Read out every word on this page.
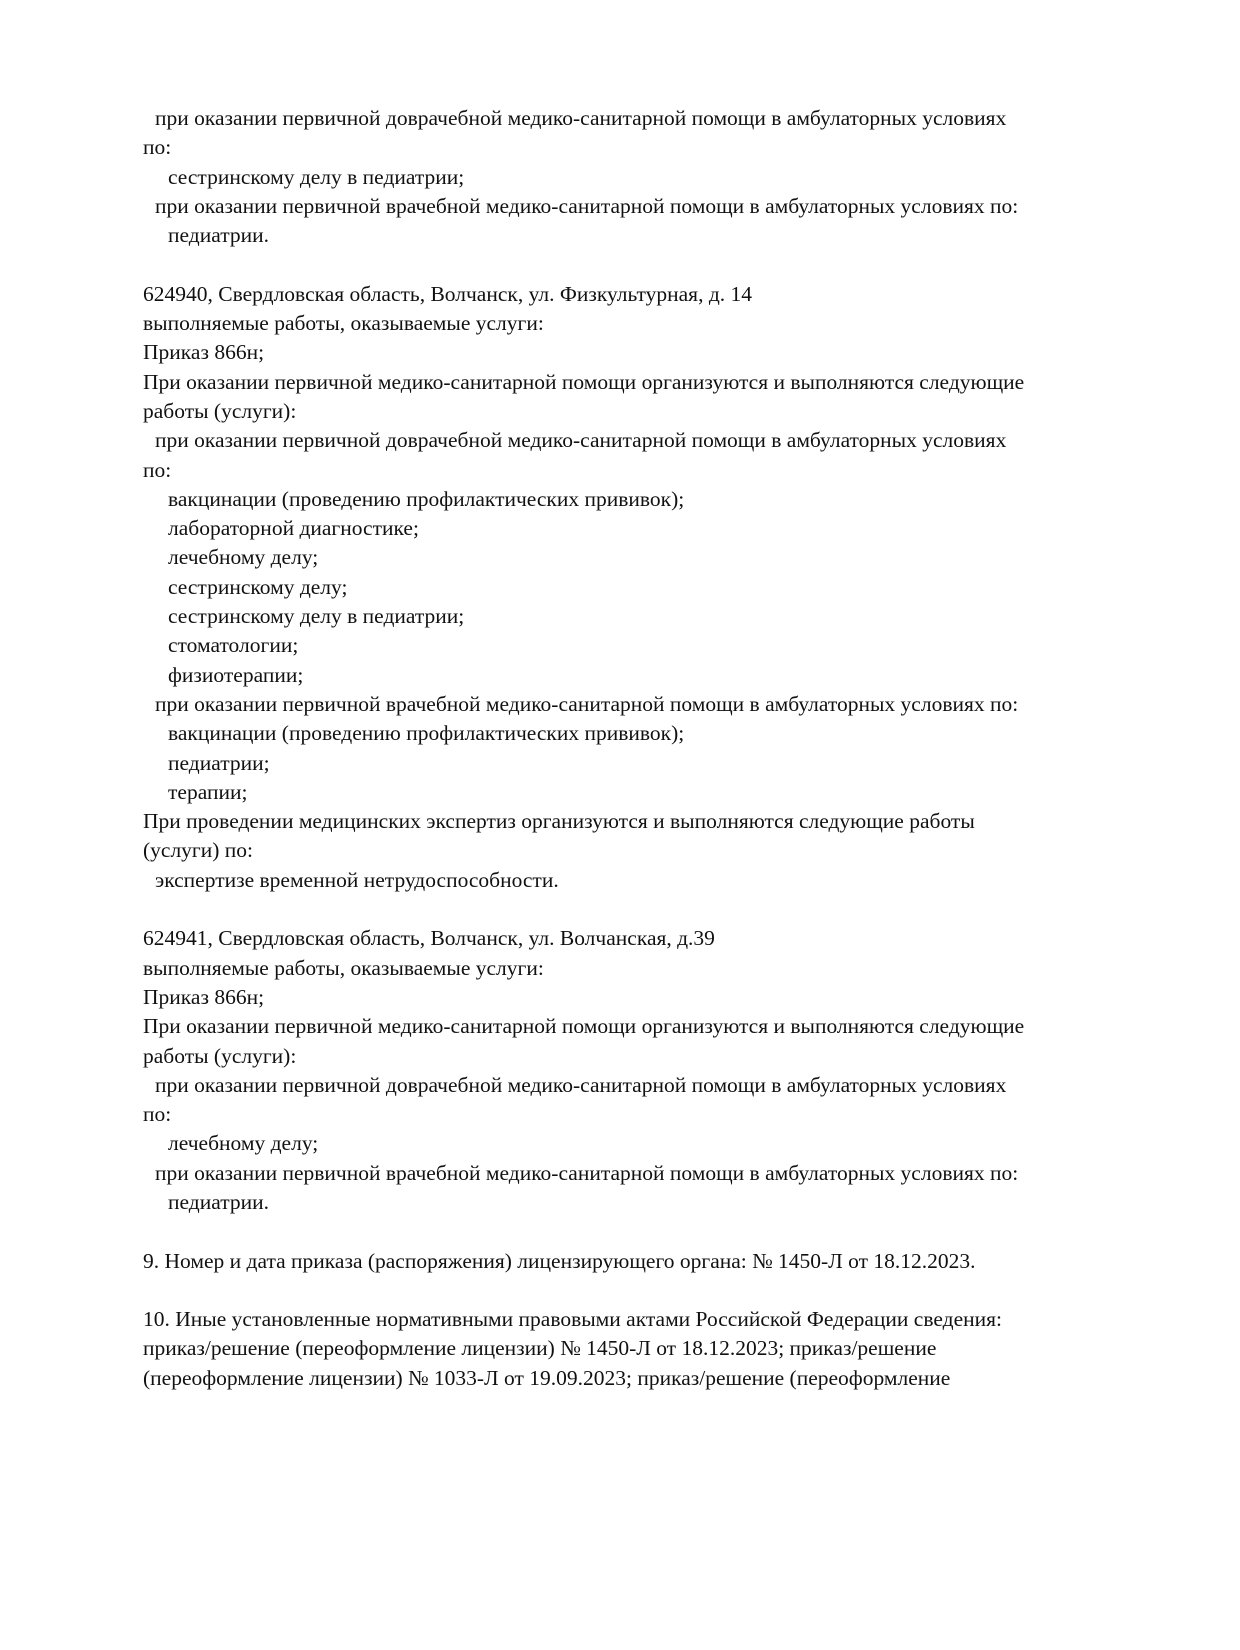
при оказании первичной доврачебной медико-санитарной помощи в амбулаторных условиях
по:
сестринскому делу в педиатрии;
при оказании первичной врачебной медико-санитарной помощи в амбулаторных условиях по:
педиатрии.
624940, Свердловская область, Волчанск, ул. Физкультурная, д. 14
выполняемые работы, оказываемые услуги:
Приказ 866н;
При оказании первичной медико-санитарной помощи организуются и выполняются следующие
работы (услуги):
при оказании первичной доврачебной медико-санитарной помощи в амбулаторных условиях
по:
вакцинации (проведению профилактических прививок);
лабораторной диагностике;
лечебному делу;
сестринскому делу;
сестринскому делу в педиатрии;
стоматологии;
физиотерапии;
при оказании первичной врачебной медико-санитарной помощи в амбулаторных условиях по:
вакцинации (проведению профилактических прививок);
педиатрии;
терапии;
При проведении медицинских экспертиз организуются и выполняются следующие работы
(услуги) по:
экспертизе временной нетрудоспособности.
624941, Свердловская область, Волчанск, ул. Волчанская, д.39
выполняемые работы, оказываемые услуги:
Приказ 866н;
При оказании первичной медико-санитарной помощи организуются и выполняются следующие
работы (услуги):
при оказании первичной доврачебной медико-санитарной помощи в амбулаторных условиях
по:
лечебному делу;
при оказании первичной врачебной медико-санитарной помощи в амбулаторных условиях по:
педиатрии.
9. Номер и дата приказа (распоряжения) лицензирующего органа: № 1450-Л от 18.12.2023.
10. Иные установленные нормативными правовыми актами Российской Федерации сведения:
приказ/решение (переоформление лицензии) № 1450-Л от 18.12.2023; приказ/решение
(переоформление лицензии) № 1033-Л от 19.09.2023; приказ/решение (переоформление
